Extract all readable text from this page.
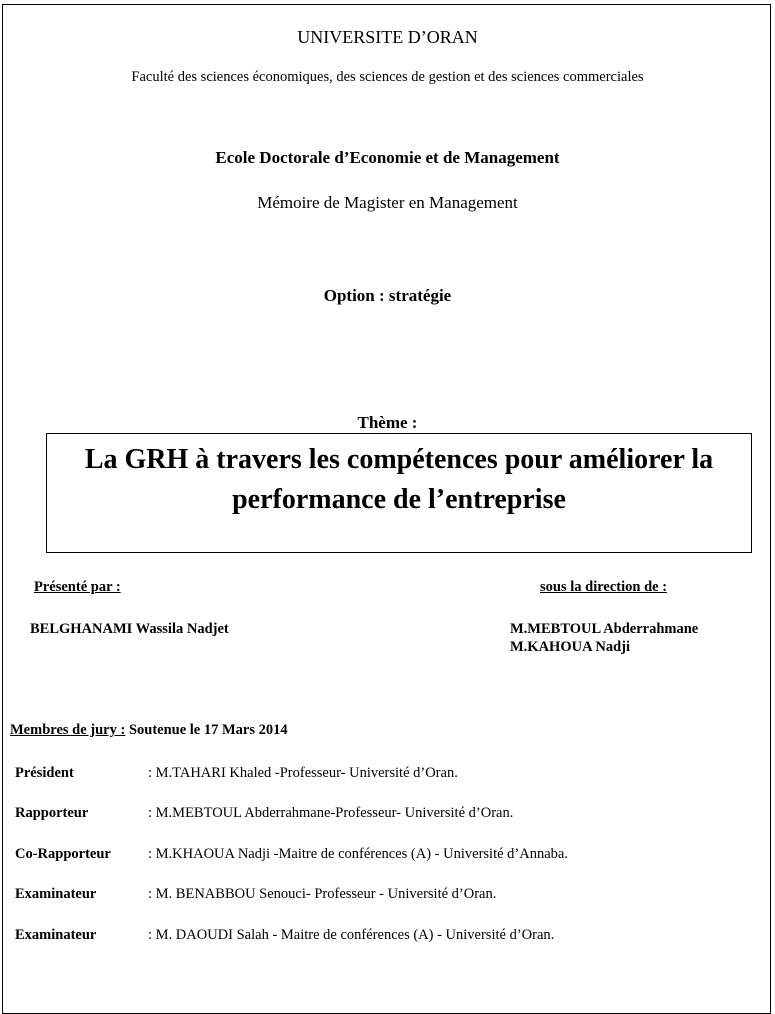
UNIVERSITE D’ORAN
Faculté des sciences économiques, des sciences de gestion et des sciences commerciales
Ecole Doctorale d’Economie et de Management
Mémoire de Magister en Management
Option : stratégie
Thème :
La GRH à travers les compétences pour améliorer la
performance de l’entreprise
Présenté par :	sous la direction de :
BELGHANAMI Wassila Nadjet	M.MEBTOUL Abderrahmane
M.KAHOUA Nadji
Membres de jury : Soutenue le 17 Mars 2014
Président	: M.TAHARI Khaled -Professeur- Université d’Oran.
Rapporteur	: M.MEBTOUL Abderrahmane-Professeur- Université d’Oran.
Co-Rapporteur	: M.KHAOUA Nadji -Maitre de conférences (A) - Université d’Annaba.
Examinateur	: M. BENABBOU Senouci- Professeur - Université d’Oran.
Examinateur	: M. DAOUDI Salah - Maitre de conférences (A) - Université d’Oran.
